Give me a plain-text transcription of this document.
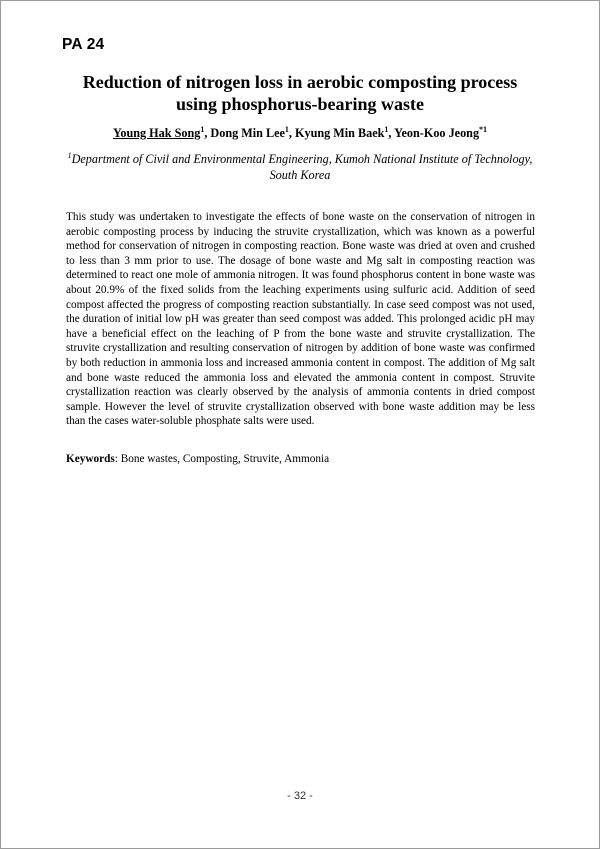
PA 24
Reduction of nitrogen loss in aerobic composting process using phosphorus-bearing waste
Young Hak Song$^1$, Dong Min Lee$^1$, Kyung Min Baek$^1$, Yeon-Koo Jeong$^{*1}$
$^1$Department of Civil and Environmental Engineering, Kumoh National Institute of Technology, South Korea

This study was undertaken to investigate the effects of bone waste on the conservation of nitrogen in aerobic composting process by inducing the struvite crystallization, which was known as a powerful method for conservation of nitrogen in composting reaction. Bone waste was dried at oven and crushed to less than 3 mm prior to use. The dosage of bone waste and Mg salt in composting reaction was determined to react one mole of ammonia nitrogen. It was found phosphorus content in bone waste was about 20.9% of the fixed solids from the leaching experiments using sulfuric acid. Addition of seed compost affected the progress of composting reaction substantially. In case seed compost was not used, the duration of initial low pH was greater than seed compost was added. This prolonged acidic pH may have a beneficial effect on the leaching of P from the bone waste and struvite crystallization. The struvite crystallization and resulting conservation of nitrogen by addition of bone waste was confirmed by both reduction in ammonia loss and increased ammonia content in compost. The addition of Mg salt and bone waste reduced the ammonia loss and elevated the ammonia content in compost. Struvite crystallization reaction was clearly observed by the analysis of ammonia contents in dried compost sample. However the level of struvite crystallization observed with bone waste addition may be less than the cases water-soluble phosphate salts were used.

Keywords: Bone wastes, Composting, Struvite, Ammonia
- 32 -
